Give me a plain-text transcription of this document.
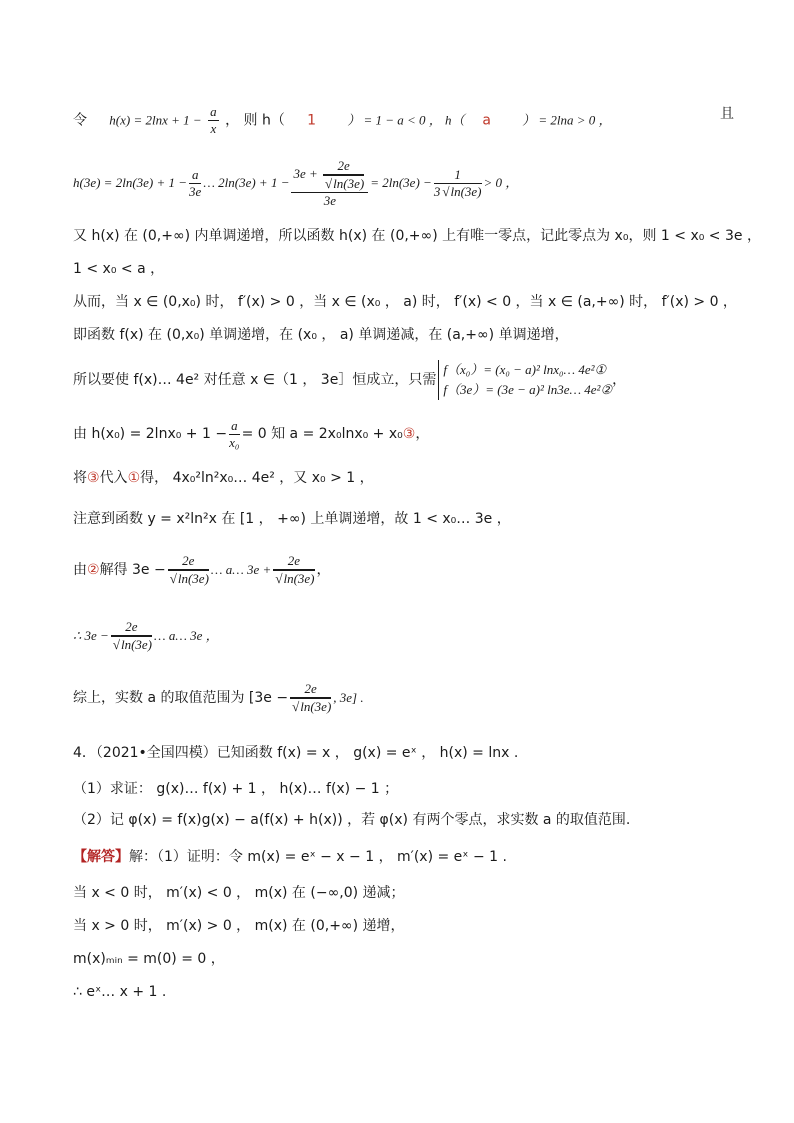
令 $h(x) = 2\ln x + 1 - \frac{a}{x}$ ， 则 h（ 1 ） = 1 − a < 0 ， h（ a ） = 2lna > 0 ，	且
$h(3e) = 2\ln(3e) + 1 - \frac{a}{3e}$ … 2ln(3e) + 1 − 3e + 2e
√ ln(3e)
$3e = 2\ln(3e) - \frac{1}{3√ \ln(3e)} > 0$ ，
又 h(x) 在 (0,+∞) 内单调递增，所以函数 h(x) 在 (0,+∞) 上有唯一零点，记此零点为 x₀，则 1 < x₀ < 3e ，
1 < x₀ < a ，
从而，当 x ∈ (0,x₀) 时， f′(x) > 0 ，当 x ∈ (x₀ ， a) 时， f′(x) < 0 ，当 x ∈ (a,+∞) 时， f′(x) > 0 ，
即函数 f(x) 在 (0,x₀) 单调递增，在 (x₀ ， a) 单调递减，在 (a,+∞) 单调递增，
所以要使 f(x)… 4e² 对任意 x ∈（1 ， 3e］恒成立，只需
f（x₀）= (x₀ − a)² lnx₀… 4e²①
f（3e）= (3e − a)² ln3e… 4e²②
，
由 $h(x_0) = 2\ln x_0 + 1 - \frac{a}{\text{x₀}} = 0$ 知 a = 2x₀lnx₀ + x₀ ③ ，
将③代入①得， 4x₀²ln²x₀… 4e² ，又 x₀ > 1 ，
注意到函数 y = x²ln²x 在 [1 ， +∞) 上单调递增，故 1 < x₀… 3e ，
由 ② 解得 3e − 2e
√ ln(3e) … a… 3e + 2e
√ ln(3e) ，
∴ 3e − 2e
√ ln(3e) … a… 3e ，
综上，实数 a 的取值范围为 [3e − 2e
√ ln(3e) , 3e] .
4．（2021•全国四模）已知函数 f(x) = x ， g(x) = eˣ ， h(x) = lnx .
（1）求证： g(x)… f(x) + 1 ， h(x)… f(x) − 1 ；
（2）记 φ(x) = f(x)g(x) − a(f(x) + h(x)) ，若 φ(x) 有两个零点，求实数 a 的取值范围.
【解答】解：（1）证明：令 m(x) = eˣ − x − 1 ， m′(x) = eˣ − 1 .
当 x < 0 时， m′(x) < 0 ， m(x) 在 (−∞,0) 递减；
当 x > 0 时， m′(x) > 0 ， m(x) 在 (0,+∞) 递增，
m(x)ₘᵢₙ = m(0) = 0 ，
∴ eˣ… x + 1 .
